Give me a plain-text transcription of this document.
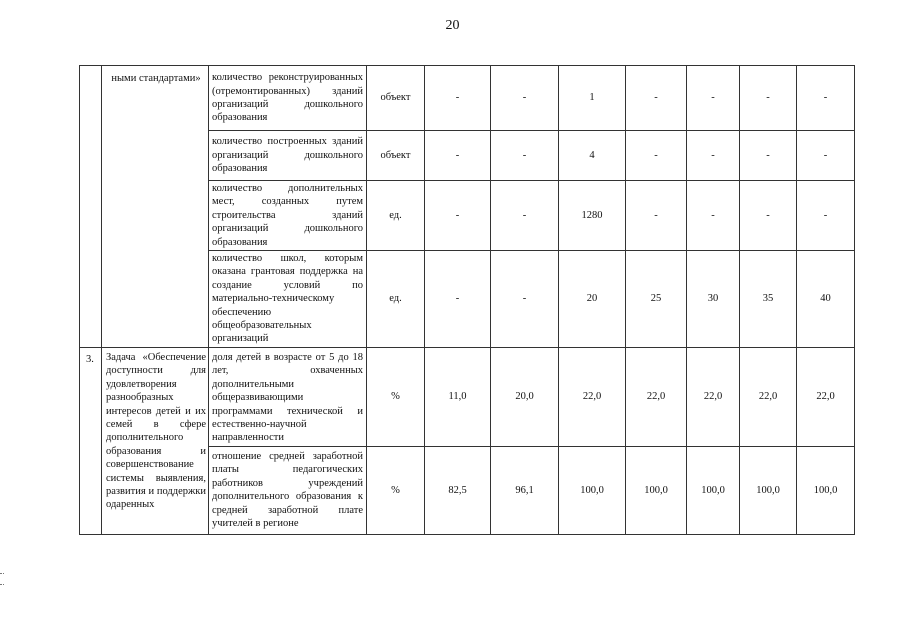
20

	ными стандартами»	количество реконструированных (отремонтированных) зданий организаций дошкольного образования	объект	-	-	1	-	-	-	-

		количество построенных зданий организаций дошкольного образования	объект	-	-	4	-	-	-	-

		количество дополнительных мест, созданных путем строительства зданий организаций дошкольного образования	ед.	-	-	1280	-	-	-	-

		количество школ, которым оказана грантовая поддержка на создание условий по материально-техническому обеспечению общеобразовательных организаций	ед.	-	-	20	25	30	35	40
3.	Задача «Обеспечение доступности для удовлетворения разнообразных интересов детей и их семей в сфере дополнительного образования и совершенствование системы выявления, развития и поддержки одаренных	доля детей в возрасте от 5 до 18 лет, охваченных дополнительными общеразвивающими программами технической и естественно-научной направленности	%	11,0	20,0	22,0	22,0	22,0	22,0	22,0

		отношение средней заработной платы педагогических работников учреждений дополнительного образования к средней заработной плате учителей в регионе	%	82,5	96,1	100,0	100,0	100,0	100,0	100,0
